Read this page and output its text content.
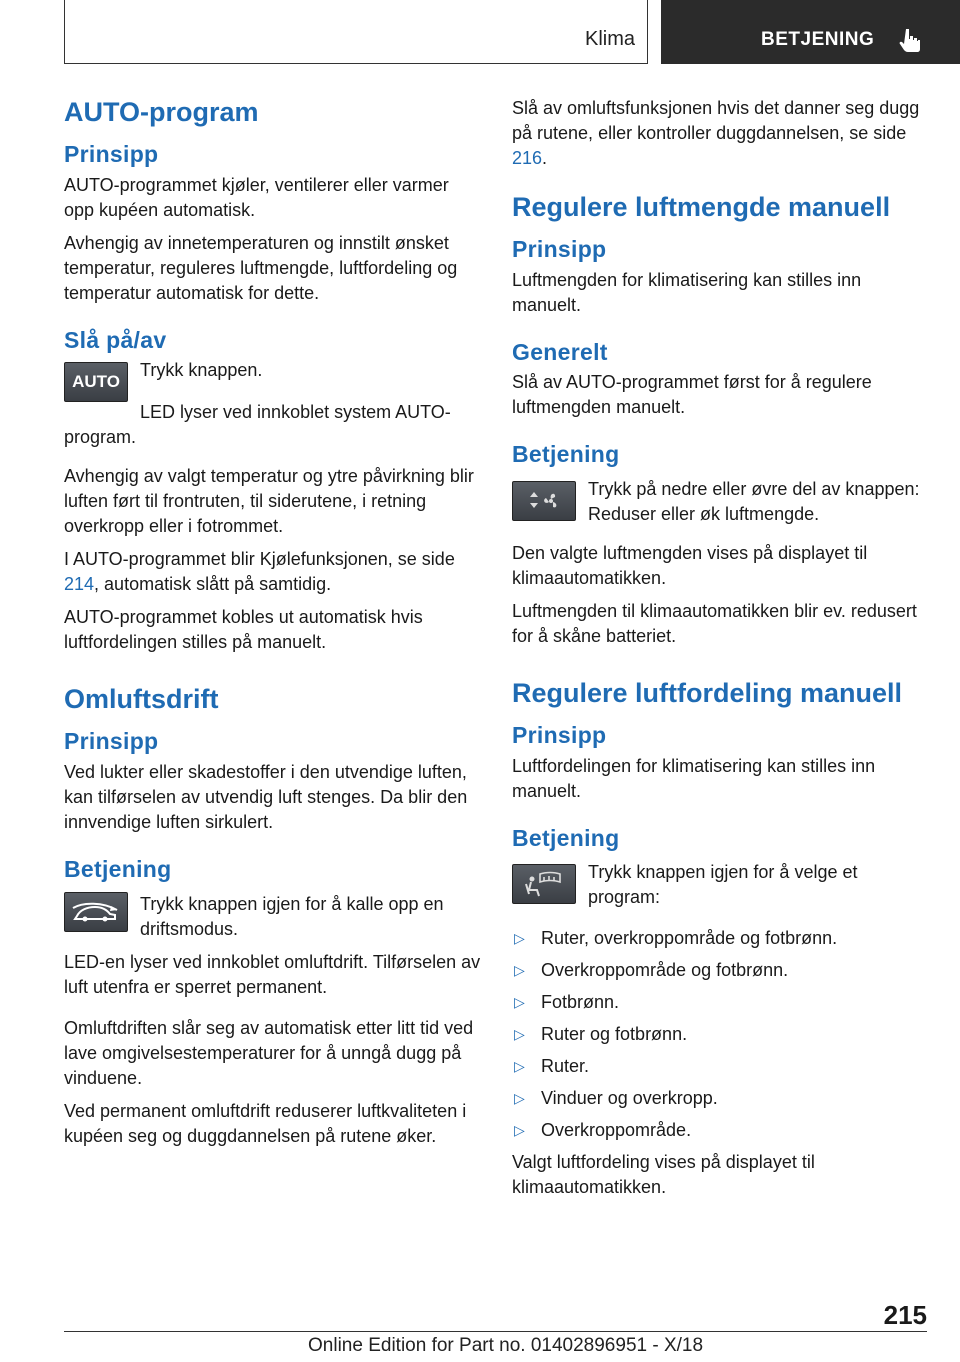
Klima	BETJENING
AUTO-program
Prinsipp

AUTO-programmet kjøler, ventilerer eller varmer opp kupéen automatisk.

Avhengig av innetemperaturen og innstilt ønsket temperatur, reguleres luftmengde, luftfordeling og temperatur automatisk for dette.

Slå på/av
AUTO

Trykk knappen.

LED lyser ved innkoblet system AUTO-program.

Avhengig av valgt temperatur og ytre påvirkning blir luften ført til frontruten, til siderutene, i retning overkropp eller i fotrommet.

I AUTO-programmet blir Kjølefunksjonen, se side 214, automatisk slått på samtidig.

AUTO-programmet kobles ut automatisk hvis luftfordelingen stilles på manuelt.

Omluftsdrift
Prinsipp

Ved lukter eller skadestoffer i den utvendige luften, kan tilførselen av utvendig luft stenges. Da blir den innvendige luften sirkulert.

Betjening

Trykk knappen igjen for å kalle opp en driftsmodus.

LED-en lyser ved innkoblet omluftdrift. Tilførselen av luft utenfra er sperret permanent.

Omluftdriften slår seg av automatisk etter litt tid ved lave omgivelsestemperaturer for å unngå dugg på vinduene.

Ved permanent omluftdrift reduserer luftkvaliteten i kupéen seg og duggdannelsen på rutene øker.

Slå av omluftsfunksjonen hvis det danner seg dugg på rutene, eller kontroller duggdannelsen, se side 216.

Regulere luftmengde manuell
Prinsipp

Luftmengden for klimatisering kan stilles inn manuelt.

Generelt

Slå av AUTO-programmet først for å regulere luftmengden manuelt.

Betjening

Trykk på nedre eller øvre del av knappen: Reduser eller øk luftmengde.

Den valgte luftmengden vises på displayet til klimaautomatikken.

Luftmengden til klimaautomatikken blir ev. redusert for å skåne batteriet.

Regulere luftfordeling manuell
Prinsipp

Luftfordelingen for klimatisering kan stilles inn manuelt.

Betjening

Trykk knappen igjen for å velge et program:

▷ Ruter, overkroppområde og fotbrønn.
▷ Overkroppområde og fotbrønn.
▷ Fotbrønn.
▷ Ruter og fotbrønn.
▷ Ruter.
▷ Vinduer og overkropp.
▷ Overkroppområde.

Valgt luftfordeling vises på displayet til klimaautomatikken.

215
Online Edition for Part no. 01402896951 - X/18
